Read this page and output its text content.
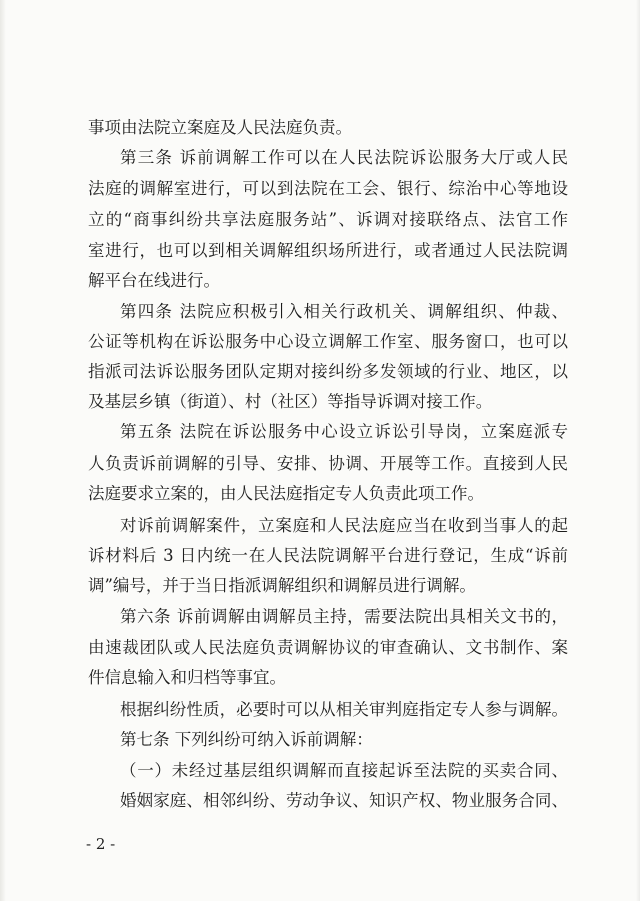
事项由法院立案庭及人民法庭负责。
第三条 诉前调解工作可以在人民法院诉讼服务大厅或人民
法庭的调解室进行，可以到法院在工会、银行、综治中心等地设
立的“商事纠纷共享法庭服务站”、诉调对接联络点、法官工作
室进行，也可以到相关调解组织场所进行，或者通过人民法院调
解平台在线进行。
第四条 法院应积极引入相关行政机关、调解组织、仲裁、
公证等机构在诉讼服务中心设立调解工作室、服务窗口，也可以
指派司法诉讼服务团队定期对接纠纷多发领域的行业、地区，以
及基层乡镇（街道）、村（社区）等指导诉调对接工作。
第五条 法院在诉讼服务中心设立诉讼引导岗，立案庭派专
人负责诉前调解的引导、安排、协调、开展等工作。直接到人民
法庭要求立案的，由人民法庭指定专人负责此项工作。
对诉前调解案件，立案庭和人民法庭应当在收到当事人的起
诉材料后 3 日内统一在人民法院调解平台进行登记，生成“诉前
调”编号，并于当日指派调解组织和调解员进行调解。
第六条 诉前调解由调解员主持，需要法院出具相关文书的，
由速裁团队或人民法庭负责调解协议的审查确认、文书制作、案
件信息输入和归档等事宜。
根据纠纷性质，必要时可以从相关审判庭指定专人参与调解。
第七条 下列纠纷可纳入诉前调解：
（一）未经过基层组织调解而直接起诉至法院的买卖合同、
婚姻家庭、相邻纠纷、劳动争议、知识产权、物业服务合同、
- 2 -
